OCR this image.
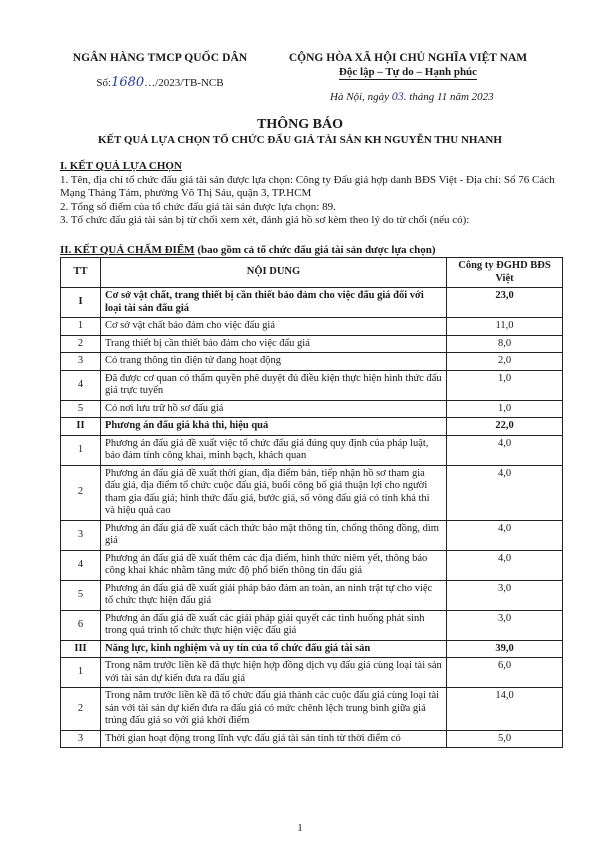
NGÂN HÀNG TMCP QUỐC DÂN
Số:1680…/2023/TB-NCB
CỘNG HÒA XÃ HỘI CHỦ NGHĨA VIỆT NAM
Độc lập – Tự do – Hạnh phúc
Hà Nội, ngày 03. tháng 11 năm 2023
THÔNG BÁO
KẾT QUẢ LỰA CHỌN TỔ CHỨC ĐẤU GIÁ TÀI SẢN KH NGUYỄN THU NHANH
I. KẾT QUẢ LỰA CHỌN
1. Tên, địa chỉ tổ chức đấu giá tài sản được lựa chọn: Công ty Đấu giá hợp danh BĐS Việt - Địa chỉ: Số 76 Cách Mạng Tháng Tám, phường Võ Thị Sáu, quận 3, TP.HCM
2. Tổng số điểm của tổ chức đấu giá tài sản được lựa chọn: 89.
3. Tổ chức đấu giá tài sản bị từ chối xem xét, đánh giá hồ sơ kèm theo lý do từ chối (nếu có):
II. KẾT QUẢ CHẤM ĐIỂM (bao gồm cả tổ chức đấu giá tài sản được lựa chọn)
TT	NỘI DUNG	Công ty ĐGHD BĐS Việt
I	Cơ sở vật chất, trang thiết bị cần thiết bảo đảm cho việc đấu giá đối với loại tài sản đấu giá	23,0
1	Cơ sở vật chất bảo đảm cho việc đấu giá	11,0
2	Trang thiết bị cần thiết bảo đảm cho việc đấu giá	8,0
3	Có trang thông tin điện tử đang hoạt động	2,0
4	Đã được cơ quan có thẩm quyền phê duyệt đủ điều kiện thực hiện hình thức đấu giá trực tuyến	1,0
5	Có nơi lưu trữ hồ sơ đấu giá	1,0
II	Phương án đấu giá khả thi, hiệu quả	22,0
1	Phương án đấu giá đề xuất việc tổ chức đấu giá đúng quy định của pháp luật, bảo đảm tính công khai, minh bạch, khách quan	4,0
2	Phương án đấu giá đề xuất thời gian, địa điểm bán, tiếp nhận hồ sơ tham gia đấu giá, địa điểm tổ chức cuộc đấu giá, buổi công bố giá thuận lợi cho người tham gia đấu giá; hình thức đấu giá, bước giá, số vòng đấu giá có tính khả thi và hiệu quả cao	4,0
3	Phương án đấu giá đề xuất cách thức bảo mật thông tin, chống thông đồng, dìm giá	4,0
4	Phương án đấu giá đề xuất thêm các địa điểm, hình thức niêm yết, thông báo công khai khác nhằm tăng mức độ phổ biến thông tin đấu giá	4,0
5	Phương án đấu giá đề xuất giải pháp bảo đảm an toàn, an ninh trật tự cho việc tổ chức thực hiện đấu giá	3,0
6	Phương án đấu giá đề xuất các giải pháp giải quyết các tình huống phát sinh trong quá trình tổ chức thực hiện việc đấu giá	3,0
III	Năng lực, kinh nghiệm và uy tín của tổ chức đấu giá tài sản	39,0
1	Trong năm trước liền kề đã thực hiện hợp đồng dịch vụ đấu giá cùng loại tài sản với tài sản dự kiến đưa ra đấu giá	6,0
2	Trong năm trước liền kề đã tổ chức đấu giá thành các cuộc đấu giá cùng loại tài sản với tài sản dự kiến đưa ra đấu giá có mức chênh lệch trung bình giữa giá trúng đấu giá so với giá khởi điểm	14,0
3	Thời gian hoạt động trong lĩnh vực đấu giá tài sản tính từ thời điểm có	5,0
1
